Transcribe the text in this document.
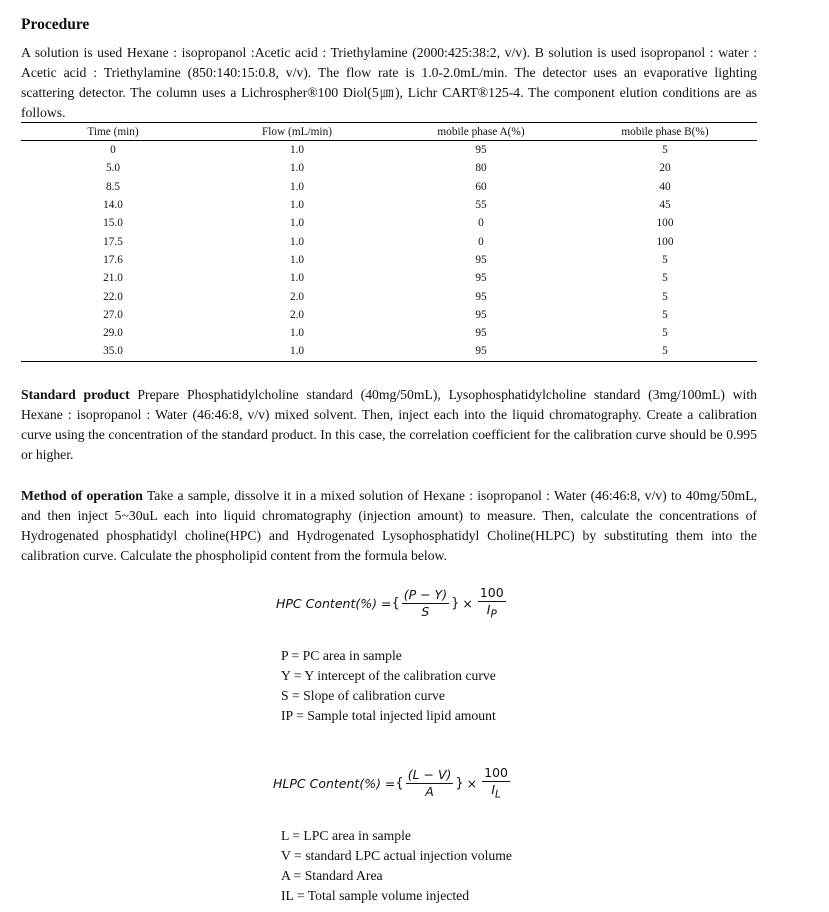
Procedure
A solution is used Hexane : isopropanol :Acetic acid : Triethylamine (2000:425:38:2, v/v). B solution is used isopropanol : water : Acetic acid : Triethylamine (850:140:15:0.8, v/v). The flow rate is 1.0-2.0mL/min. The detector uses an evaporative lighting scattering detector. The column uses a Lichrospher®100 Diol(5㎛), Lichr CART®125-4. The component elution conditions are as follows.
Time (min)	Flow (mL/min)	mobile phase A(%)	mobile phase B(%)
0	1.0	95	5
5.0	1.0	80	20
8.5	1.0	60	40
14.0	1.0	55	45
15.0	1.0	0	100
17.5	1.0	0	100
17.6	1.0	95	5
21.0	1.0	95	5
22.0	2.0	95	5
27.0	2.0	95	5
29.0	1.0	95	5
35.0	1.0	95	5
Standard product Prepare Phosphatidylcholine standard (40mg/50mL), Lysophosphatidylcholine standard (3mg/100mL) with Hexane : isopropanol : Water (46:46:8, v/v) mixed solvent. Then, inject each into the liquid chromatography. Create a calibration curve using the concentration of the standard product. In this case, the correlation coefficient for the calibration curve should be 0.995 or higher.
Method of operation Take a sample, dissolve it in a mixed solution of Hexane : isopropanol : Water (46:46:8, v/v) to 40mg/50mL, and then inject 5~30uL each into liquid chromatography (injection amount) to measure. Then, calculate the concentrations of Hydrogenated phosphatidyl choline(HPC) and Hydrogenated Lysophosphatidyl Choline(HLPC) by substituting them into the calibration curve. Calculate the phospholipid content from the formula below.
HPC Content(%) = { $\frac{(P - Y)}{S}$ } × $\frac{100}{I_P}$
P = PC area in sample
Y = Y intercept of the calibration curve
S = Slope of calibration curve
IP = Sample total injected lipid amount
HLPC Content(%) = { $\frac{(L - V)}{A}$ } × $\frac{100}{I_L}$
L = LPC area in sample
V = standard LPC actual injection volume
A = Standard Area
IL = Total sample volume injected
